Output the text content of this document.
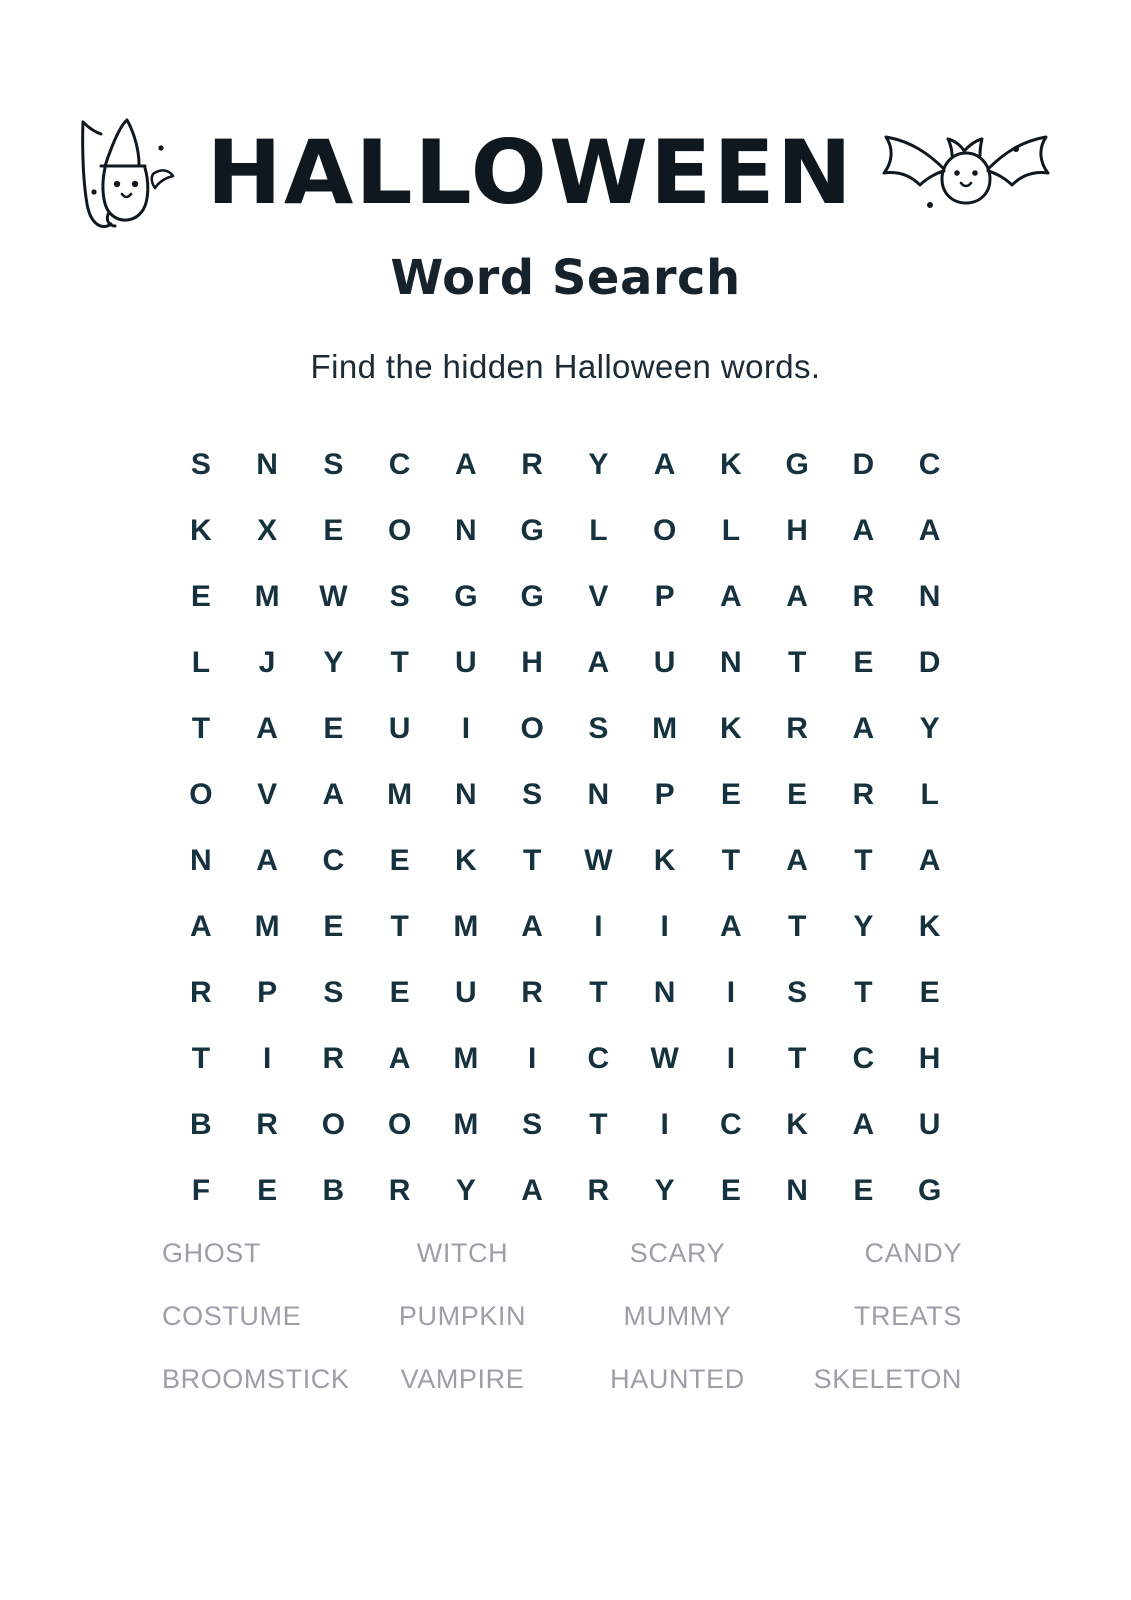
HALLOWEEN
Word Search
Find the hidden Halloween words.
S	N	S	C	A	R	Y	A	K	G	D	C
K	X	E	O	N	G	L	O	L	H	A	A
E	M	W	S	G	G	V	P	A	A	R	N
L	J	Y	T	U	H	A	U	N	T	E	D
T	A	E	U	I	O	S	M	K	R	A	Y
O	V	A	M	N	S	N	P	E	E	R	L
N	A	C	E	K	T	W	K	T	A	T	A
A	M	E	T	M	A	I	I	A	T	Y	K
R	P	S	E	U	R	T	N	I	S	T	E
T	I	R	A	M	I	C	W	I	T	C	H
B	R	O	O	M	S	T	I	C	K	A	U
F	E	B	R	Y	A	R	Y	E	N	E	G
GHOST	WITCH	SCARY	CANDY
COSTUME	PUMPKIN	MUMMY	TREATS
BROOMSTICK	VAMPIRE	HAUNTED	SKELETON
